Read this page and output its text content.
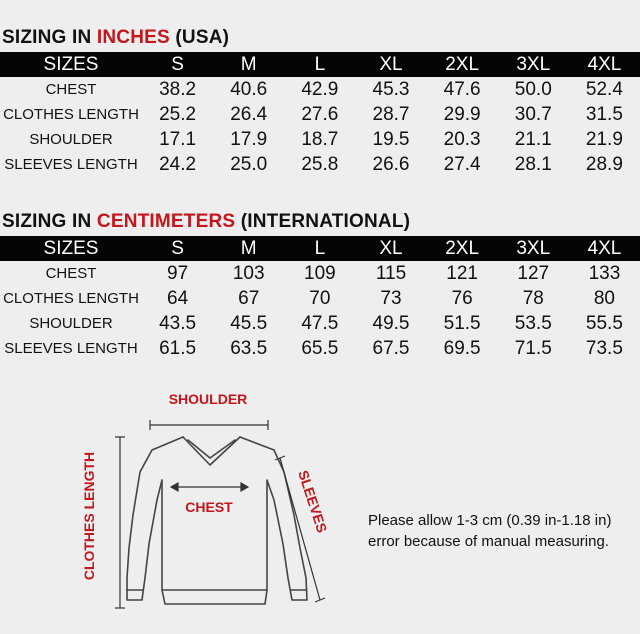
SIZING IN INCHES (USA)
SIZES	S	M	L	XL	2XL	3XL	4XL
CHEST	38.2	40.6	42.9	45.3	47.6	50.0	52.4
CLOTHES LENGTH	25.2	26.4	27.6	28.7	29.9	30.7	31.5
SHOULDER	17.1	17.9	18.7	19.5	20.3	21.1	21.9
SLEEVES LENGTH	24.2	25.0	25.8	26.6	27.4	28.1	28.9
SIZING IN CENTIMETERS (INTERNATIONAL)
SIZES	S	M	L	XL	2XL	3XL	4XL
CHEST	97	103	109	115	121	127	133
CLOTHES LENGTH	64	67	70	73	76	78	80
SHOULDER	43.5	45.5	47.5	49.5	51.5	53.5	55.5
SLEEVES LENGTH	61.5	63.5	65.5	67.5	69.5	71.5	73.5
SHOULDER
CHEST
CLOTHES LENGTH	SLEEVES	Please allow 1-3 cm (0.39 in-1.18 in)
error because of manual measuring.
